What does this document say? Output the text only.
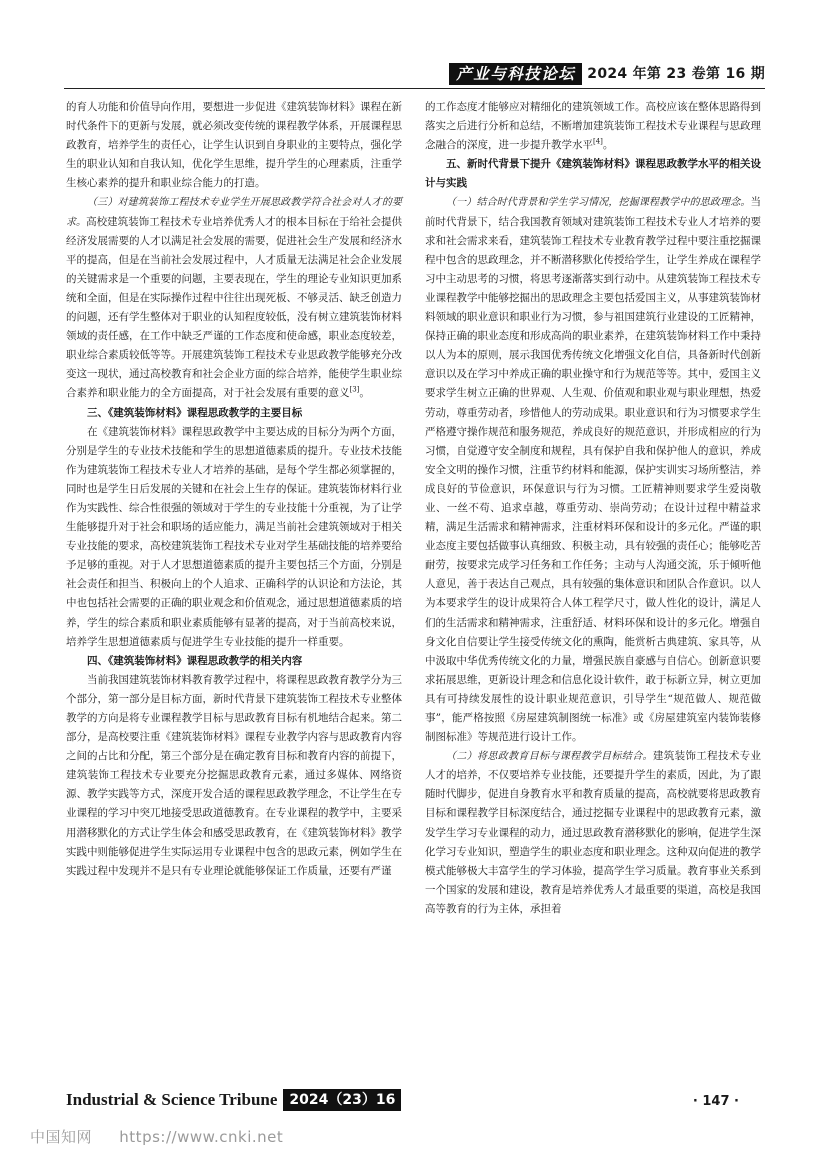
产业与科技论坛 2024 年第 23 卷第 16 期

的育人功能和价值导向作用，要想进一步促进《建筑装饰材料》课程在新时代条件下的更新与发展，就必须改变传统的课程教学体系，开展课程思政教育，培养学生的责任心，让学生认识到自身职业的主要特点，强化学生的职业认知和自我认知，优化学生思维，提升学生的心理素质，注重学生核心素养的提升和职业综合能力的打造。

（三）对建筑装饰工程技术专业学生开展思政教学符合社会对人才的要求。高校建筑装饰工程技术专业培养优秀人才的根本目标在于给社会提供经济发展需要的人才以满足社会发展的需要，促进社会生产发展和经济水平的提高，但是在当前社会发展过程中，人才质量无法满足社会企业发展的关键需求是一个重要的问题，主要表现在，学生的理论专业知识更加系统和全面，但是在实际操作过程中往往出现死板、不够灵活、缺乏创造力的问题，还有学生整体对于职业的认知程度较低，没有树立建筑装饰材料领域的责任感，在工作中缺乏严谨的工作态度和使命感，职业态度较差，职业综合素质较低等等。开展建筑装饰工程技术专业思政教学能够充分改变这一现状，通过高校教育和社会企业方面的综合培养，能使学生职业综合素养和职业能力的全方面提高，对于社会发展有重要的意义[3]。

三、《建筑装饰材料》课程思政教学的主要目标

在《建筑装饰材料》课程思政教学中主要达成的目标分为两个方面，分别是学生的专业技术技能和学生的思想道德素质的提升。专业技术技能作为建筑装饰工程技术专业人才培养的基础，是每个学生都必须掌握的，同时也是学生日后发展的关键和在社会上生存的保证。建筑装饰材料行业作为实践性、综合性很强的领域对于学生的专业技能十分重视，为了让学生能够提升对于社会和职场的适应能力，满足当前社会建筑领域对于相关专业技能的要求，高校建筑装饰工程技术专业对学生基础技能的培养要给予足够的重视。对于人才思想道德素质的提升主要包括三个方面，分别是社会责任和担当、积极向上的个人追求、正确科学的认识论和方法论，其中也包括社会需要的正确的职业观念和价值观念，通过思想道德素质的培养，学生的综合素质和职业素质能够有显著的提高，对于当前高校来说，培养学生思想道德素质与促进学生专业技能的提升一样重要。

四、《建筑装饰材料》课程思政教学的相关内容

当前我国建筑装饰材料教育教学过程中，将课程思政教育教学分为三个部分，第一部分是目标方面，新时代背景下建筑装饰工程技术专业整体教学的方向是将专业课程教学目标与思政教育目标有机地结合起来。第二部分，是高校要注重《建筑装饰材料》课程专业教学内容与思政教育内容之间的占比和分配，第三个部分是在确定教育目标和教育内容的前提下，建筑装饰工程技术专业要充分挖掘思政教育元素，通过多媒体、网络资源、教学实践等方式，深度开发合适的课程思政教学理念，不让学生在专业课程的学习中突兀地接受思政道德教育。在专业课程的教学中，主要采用潜移默化的方式让学生体会和感受思政教育，在《建筑装饰材料》教学实践中则能够促进学生实际运用专业课程中包含的思政元素，例如学生在实践过程中发现并不是只有专业理论就能够保证工作质量，还要有严谨

的工作态度才能够应对精细化的建筑领域工作。高校应该在整体思路得到落实之后进行分析和总结，不断增加建筑装饰工程技术专业课程与思政理念融合的深度，进一步提升教学水平[4]。

五、新时代背景下提升《建筑装饰材料》课程思政教学水平的相关设计与实践

（一）结合时代背景和学生学习情况，挖掘课程教学中的思政理念。当前时代背景下，结合我国教育领域对建筑装饰工程技术专业人才培养的要求和社会需求来看，建筑装饰工程技术专业教育教学过程中要注重挖掘课程中包含的思政理念，并不断潜移默化传授给学生，让学生养成在课程学习中主动思考的习惯，将思考逐渐落实到行动中。从建筑装饰工程技术专业课程教学中能够挖掘出的思政理念主要包括爱国主义，从事建筑装饰材料领域的职业意识和职业行为习惯，参与祖国建筑行业建设的工匠精神，保持正确的职业态度和形成高尚的职业素养，在建筑装饰材料工作中秉持以人为本的原则，展示我国优秀传统文化增强文化自信，具备新时代创新意识以及在学习中养成正确的职业操守和行为规范等等。其中，爱国主义要求学生树立正确的世界观、人生观、价值观和职业观与职业理想，热爱劳动，尊重劳动者，珍惜他人的劳动成果。职业意识和行为习惯要求学生严格遵守操作规范和服务规范，养成良好的规范意识，并形成相应的行为习惯，自觉遵守安全制度和规程，具有保护自我和保护他人的意识，养成安全文明的操作习惯，注重节约材料和能源，保护实训实习场所整洁，养成良好的节俭意识，环保意识与行为习惯。工匠精神则要求学生爱岗敬业、一丝不苟、追求卓越，尊重劳动、崇尚劳动；在设计过程中精益求精，满足生活需求和精神需求，注重材料环保和设计的多元化。严谨的职业态度主要包括做事认真细致、积极主动，具有较强的责任心；能够吃苦耐劳，按要求完成学习任务和工作任务；主动与人沟通交流，乐于倾听他人意见，善于表达自己观点，具有较强的集体意识和团队合作意识。以人为本要求学生的设计成果符合人体工程学尺寸，做人性化的设计，满足人们的生活需求和精神需求，注重舒适、材料环保和设计的多元化。增强自身文化自信要让学生接受传统文化的熏陶，能赏析古典建筑、家具等，从中汲取中华优秀传统文化的力量，增强民族自豪感与自信心。创新意识要求拓展思维，更新设计理念和信息化设计软件，敢于标新立异，树立更加具有可持续发展性的设计职业规范意识，引导学生“规范做人、规范做事”，能严格按照《房屋建筑制图统一标准》或《房屋建筑室内装饰装修制图标准》等规范进行设计工作。

（二）将思政教育目标与课程教学目标结合。建筑装饰工程技术专业人才的培养，不仅要培养专业技能，还要提升学生的素质，因此，为了跟随时代脚步，促进自身教育水平和教育质量的提高，高校就要将思政教育目标和课程教学目标深度结合，通过挖掘专业课程中的思政教育元素，激发学生学习专业课程的动力，通过思政教育潜移默化的影响，促进学生深化学习专业知识，塑造学生的职业态度和职业理念。这种双向促进的教学模式能够极大丰富学生的学习体验，提高学生学习质量。教育事业关系到一个国家的发展和建设，教育是培养优秀人才最重要的渠道，高校是我国高等教育的行为主体，承担着

Industrial & Science Tribune 2024（23）16	· 147 ·
中国知网 https://www.cnki.net
